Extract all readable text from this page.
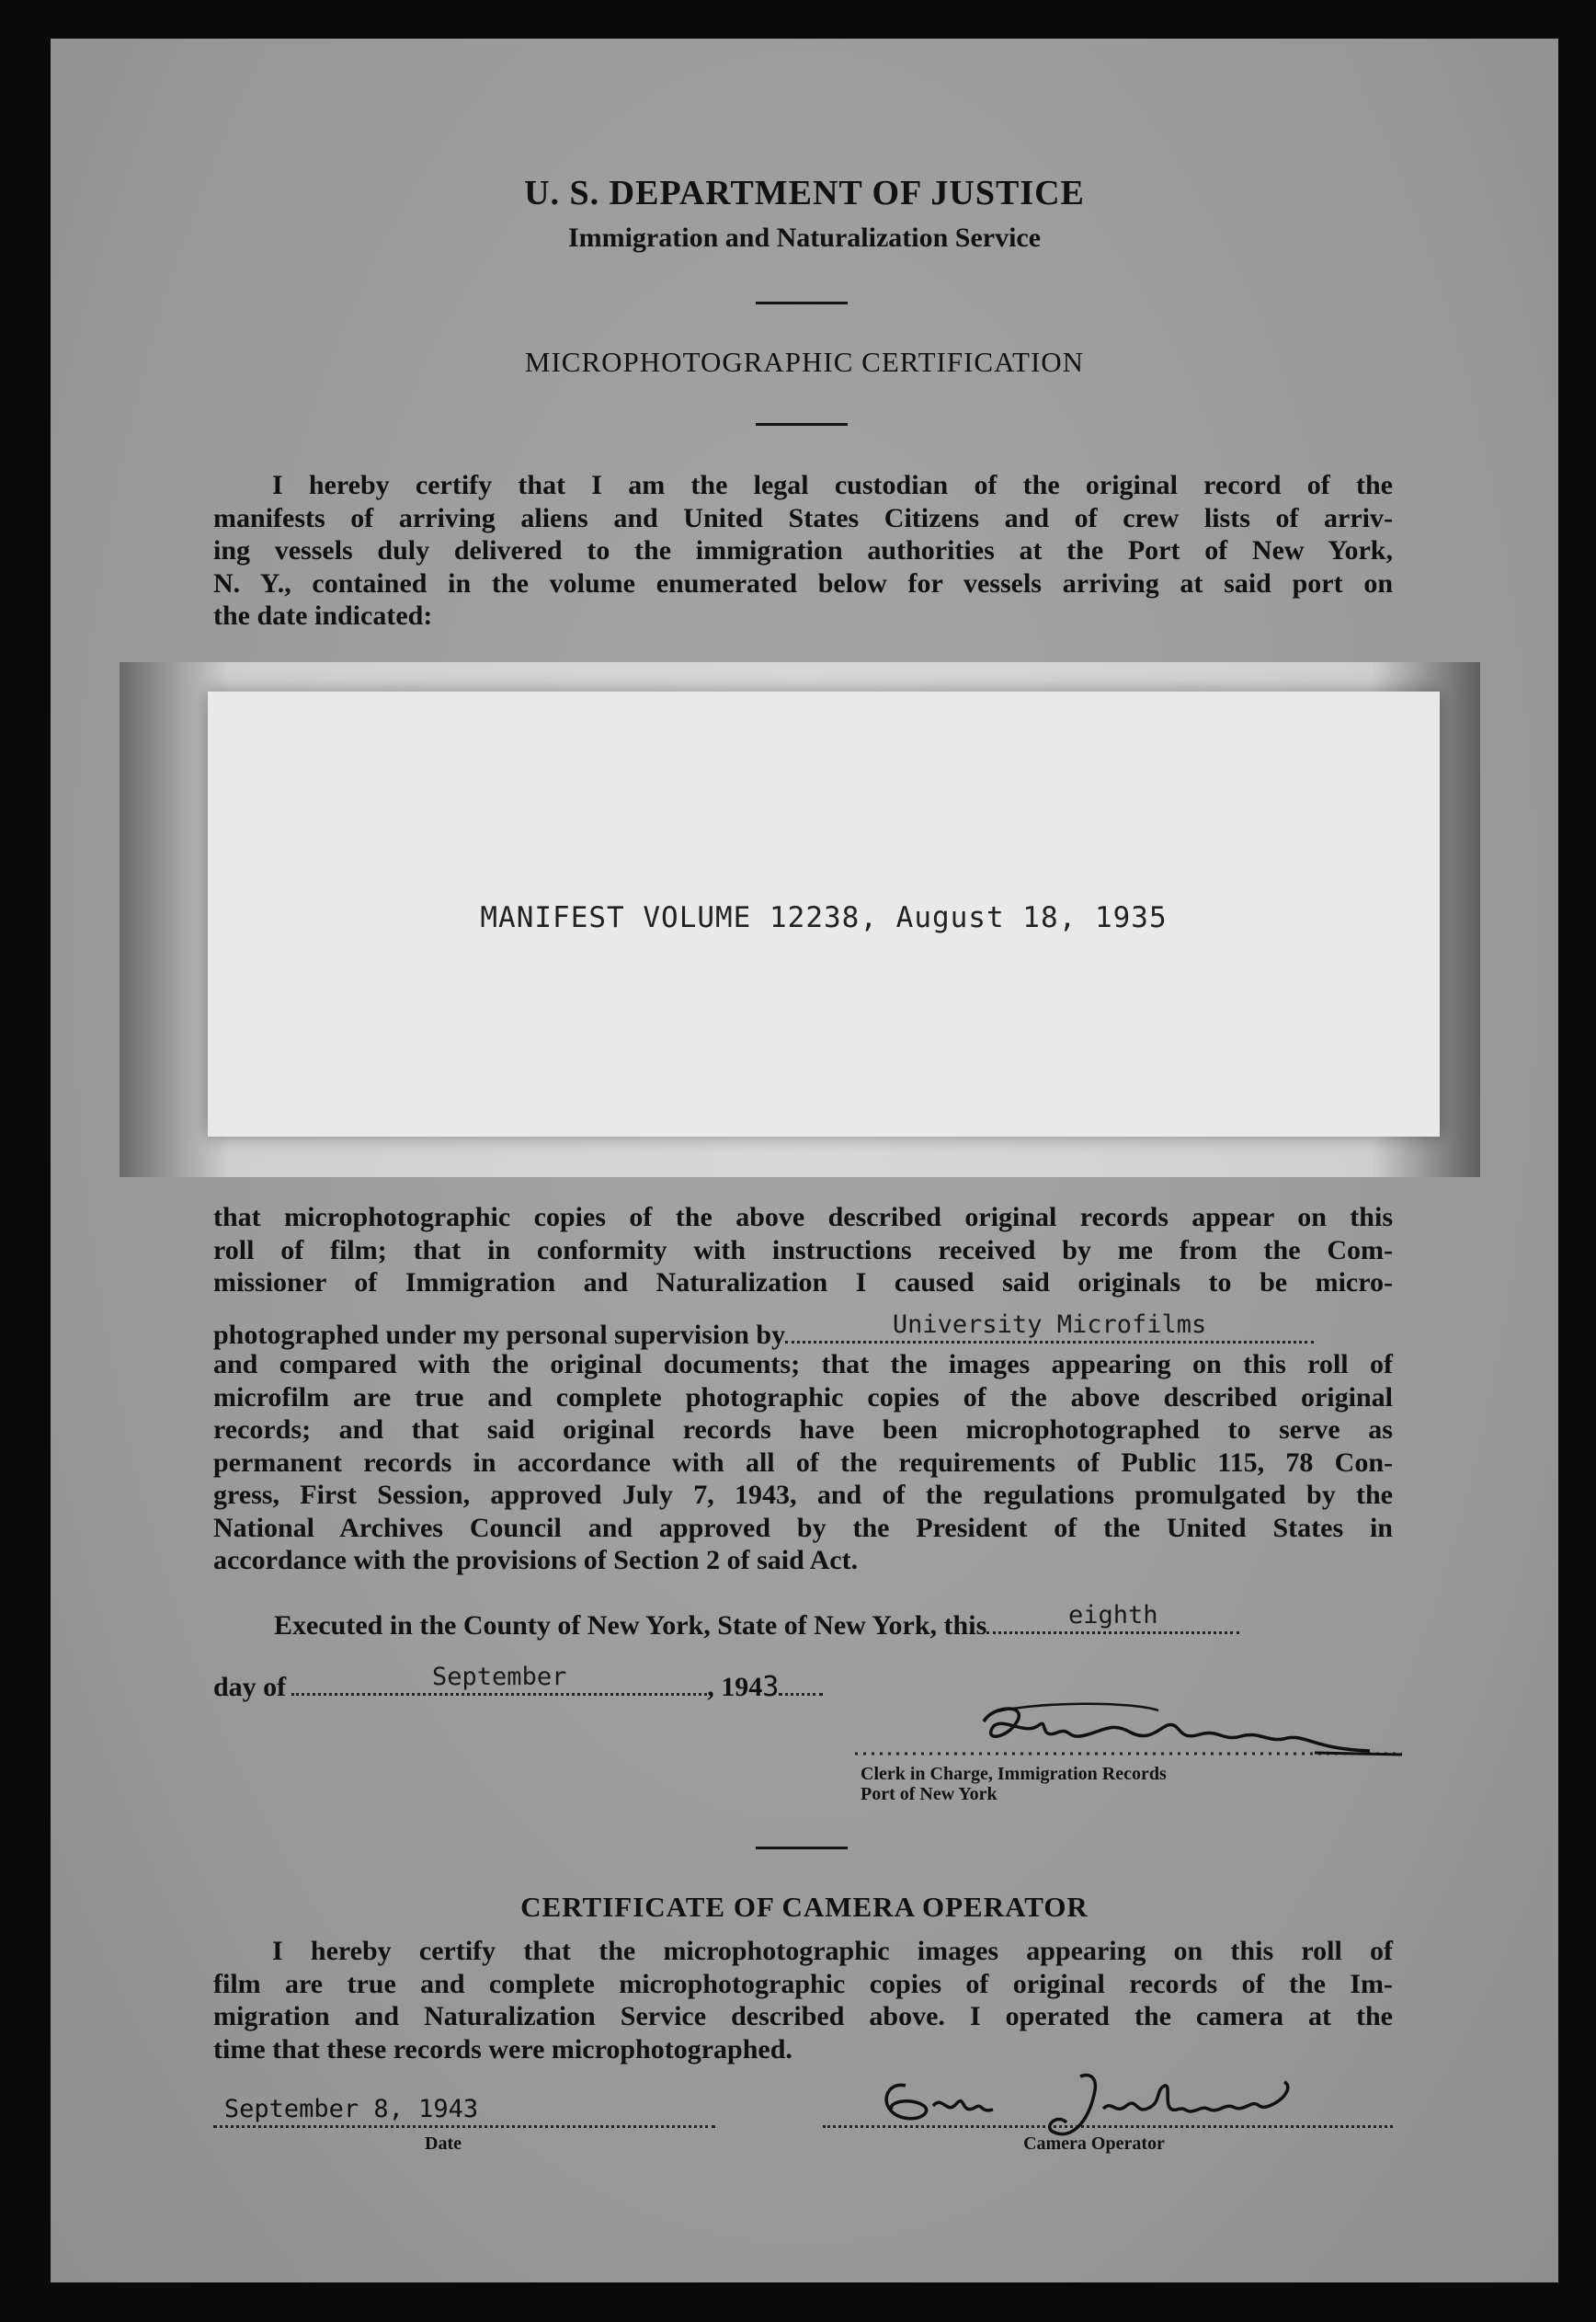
U. S. DEPARTMENT OF JUSTICE
Immigration and Naturalization Service
MICROPHOTOGRAPHIC CERTIFICATION
I hereby certify that I am the legal custodian of the original record of the
manifests of arriving aliens and United States Citizens and of crew lists of arriv-
ing vessels duly delivered to the immigration authorities at the Port of New York,
N. Y., contained in the volume enumerated below for vessels arriving at said port on
the date indicated:
MANIFEST VOLUME 12238, August 18, 1935
that microphotographic copies of the above described original records appear on this
roll of film; that in conformity with instructions received by me from the Com-
missioner of Immigration and Naturalization I caused said originals to be micro-
photographed under my personal supervision by	University Microfilms
and compared with the original documents; that the images appearing on this roll of
microfilm are true and complete photographic copies of the above described original
records; and that said original records have been microphotographed to serve as
permanent records in accordance with all of the requirements of Public 115, 78 Con-
gress, First Session, approved July 7, 1943, and of the regulations promulgated by the
National Archives Council and approved by the President of the United States in
accordance with the provisions of Section 2 of said Act.
Executed in the County of New York, State of New York, this	eighth
day of	September	, 1943
Clerk in Charge, Immigration Records
Port of New York
CERTIFICATE OF CAMERA OPERATOR
I hereby certify that the microphotographic images appearing on this roll of
film are true and complete microphotographic copies of original records of the Im-
migration and Naturalization Service described above. I operated the camera at the
time that these records were microphotographed.
September 8, 1943
Date	Camera Operator
